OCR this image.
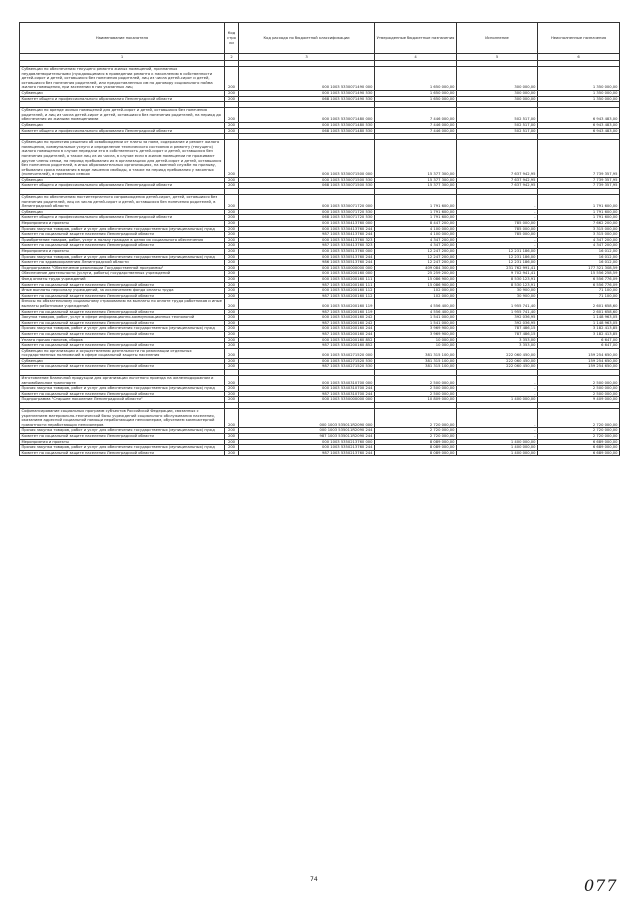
Наименование показателя	Код стро ки	Код расхода по бюджетной классификации	Утвержденные бюджетные назначения	Исполнение	Неисполненные назначения
1	2	3	4	5	6

Субвенции по обеспечению текущего ремонта жилых помещений, признанных неудовлетворительными (нуждающимися в проведении ремонта к накоплению в собственности детей-сирот и детей, оставшихся без попечения родителей, лиц из числа детей-сирот и детей, оставшихся без попечения родителей, или предоставленных им по договору социального найма жилого помещения, при заселении в них указанных лиц	200	000 1003 5330071490 000	1 650 000,00	300 000,00	1 350 000,00
Субвенции	200	000 1003 5330071490 530	1 650 000,00	300 000,00	1 350 000,00
Комитет общего и профессионального образования Ленинградской области	200	068 1003 5330071490 530	1 650 000,00	300 000,00	1 350 000,00

Субвенции по аренде жилых помещений для детей-сирот и детей, оставшихся без попечения родителей, и лиц из числа детей-сирот и детей, оставшихся без попечения родителей, на период до обеспечения их жилыми помещениями	200	000 1003 5330071480 000	7 446 000,00	502 517,00	6 943 483,00
Субвенции	200	000 1003 5330071480 530	7 446 000,00	502 517,00	6 943 483,00
Комитет общего и профессионального образования Ленинградской области	200	068 1003 5330071480 530	7 446 000,00	502 517,00	6 943 483,00

Субвенции по принятию решения об освобождении от платы за наем, содержание и ремонт жилого помещения, коммунальные услуги и определение технического состояния и ремонту (текущего) жилого помещения в случае передачи его в собственность детей-сирот и детей, оставшихся без попечения родителей, а также лиц из их числа, в случае если в жилом помещении не проживают другие члены семьи, на период пребывания их в организациях для детей-сирот и детей, оставшихся без попечения родителей, в иных образовательных организациях, на военной службе по призыву, отбывания срока наказания в виде лишения свободы, а также на период пребывания у законных (попечителей), в приемных семьях	200	000 1003 5330071500 000	15 377 300,00	7 637 942,95	7 739 357,95
Субвенции	200	000 1003 5330071500 530	15 377 300,00	7 637 942,95	7 739 357,95
Комитет общего и профессионального образования Ленинградской области	200	068 1003 5330071500 530	15 377 300,00	7 637 942,95	7 739 357,95

Субвенции по обеспечению постинтернатного сопровождения детей-сирот, детей, оставшихся без попечения родителей, лиц из числа детей-сирот и детей, оставшихся без попечения родителей, в Ленинградской области	200	000 1003 5330071720 000	1 791 600,00	-	1 791 600,00
Субвенции	200	000 1003 5330071720 530	1 791 600,00	-	1 791 600,00
Комитет общего и профессионального образования Ленинградской области	200	068 1003 5330071720 530	1 791 600,00	-	1 791 600,00
Мероприятия и проекты	200	000 1003 5330413760 000	8 447 200,00	785 000,00	7 662 200,00
Прочая закупка товаров, работ и услуг для обеспечения государственных (муниципальных) нужд	200	000 1003 5330413760 244	4 100 000,00	785 000,00	3 315 000,00
Комитет по социальной защите населения Ленинградской области	200	987 1003 5330413760 244	4 100 000,00	785 000,00	3 315 000,00
Приобретение товаров, работ, услуг в пользу граждан в целях их социального обеспечения	200	000 1003 5330413760 323	4 347 200,00	-	4 347 200,00
Комитет по социальной защите населения Ленинградской области	200	987 1003 5330413760 323	4 347 200,00	-	4 347 200,00
Мероприятия и проекты	200	000 1003 5330513760 000	12 247 200,00	12 231 186,00	16 012,00
Прочая закупка товаров, работ и услуг для обеспечения государственных (муниципальных) нужд	200	000 1003 5330513760 244	12 247 200,00	12 231 186,00	16 012,00
Комитет по здравоохранению Ленинградской области	200	986 1003 5330513760 244	12 247 200,00	12 231 186,00	16 012,00
Подпрограмма "Обеспечение реализации Государственной программы"	200	000 1003 5340000000 000	409 084 300,00	231 762 991,41	177 321 308,59
Обеспечение деятельности (услуги, работы) государственных учреждений	200	000 1003 5340200160 000	25 259 200,00	9 702 941,41	15 556 258,59
Фонд оплаты труда учреждений	200	000 1003 5340200160 111	15 086 900,00	8 530 123,91	6 556 776,09
Комитет по социальной защите населения Ленинградской области	200	987 1003 5340200160 111	15 086 900,00	8 530 123,91	6 556 776,09
Иные выплаты персоналу учреждений, за исключением фонда оплаты труда	200	000 1003 5340200160 112	102 000,00	30 900,00	71 100,00
Комитет по социальной защите населения Ленинградской области	200	987 1003 5340200160 112	102 000,00	30 900,00	71 100,00
Взносы по обязательному социальному страхованию на выплаты по оплате труда работников и иные выплаты работникам учреждений	200	000 1003 5340200160 119	4 556 400,00	1 955 741,40	2 601 658,60
Комитет по социальной защите населения Ленинградской области	200	987 1003 5340200160 119	4 556 400,00	1 955 741,40	2 601 658,60
Закупка товаров, работ, услуг в сфере информационно-коммуникационных технологий	200	000 1003 5340200160 242	1 541 000,00	392 036,95	1 148 963,05
Комитет по социальной защите населения Ленинградской области	200	987 1003 5340200160 242	1 541 000,00	392 036,95	1 148 963,05
Прочая закупка товаров, работ и услуг для обеспечения государственных (муниципальных) нужд	200	000 1003 5340200160 244	3 969 900,00	787 486,15	3 182 413,85
Комитет по социальной защите населения Ленинградской области	200	987 1003 5340200160 244	3 969 900,00	787 486,15	3 182 413,85
Уплата прочих налогов, сборов	200	000 1003 5340200160 852	10 000,00	3 353,00	6 647,00
Комитет по социальной защите населения Ленинградской области	200	987 1003 5340200160 852	10 000,00	3 353,00	6 647,00
Субвенции по организации и осуществлению деятельности по реализации отдельных государственных полномочий в сфере социальной защиты населения	200	000 1003 5340271520 000	381 315 100,00	222 060 450,00	159 254 650,00
Субвенции	200	000 1003 5340271520 530	381 315 100,00	222 060 450,00	159 254 650,00
Комитет по социальной защите населения Ленинградской области	200	987 1003 5340271520 530	381 315 100,00	222 060 450,00	159 254 650,00

Изготовление бланочной продукции для организации льготного проезда на железнодорожном и автомобильном транспорте	200	000 1003 5340310700 000	2 500 000,00	-	2 500 000,00
Прочая закупка товаров, работ и услуг для обеспечения государственных (муниципальных) нужд	200	000 1003 5340310700 244	2 500 000,00	-	2 500 000,00
Комитет по социальной защите населения Ленинградской области	200	987 1003 5340310700 244	2 500 000,00	-	2 500 000,00
Подпрограмма "Старшее поколение Ленинградской области"	200	000 1003 5350000000 000	10 809 000,00	1 400 000,00	9 409 000,00

Софинансирование социальных программ субъектов Российской Федерации, связанных с укреплением материально-технической базы учреждений социального обслуживания населения, оказанием адресной социальной помощи неработающим пенсионерам, обучением компьютерной грамотности неработающих пенсионеров	200	000 1003 535011R2090 000	2 720 000,00	-	2 720 000,00
Прочая закупка товаров, работ и услуг для обеспечения государственных (муниципальных) нужд	200	000 1003 535011R2090 244	2 720 000,00	-	2 720 000,00
Комитет по социальной защите населения Ленинградской области	200	987 1003 535011R2090 244	2 720 000,00	-	2 720 000,00
Мероприятия и проекты	200	000 1003 5350213760 000	8 089 000,00	1 400 000,00	6 689 000,00
Прочая закупка товаров, работ и услуг для обеспечения государственных (муниципальных) нужд	200	000 1003 5350213760 244	8 089 000,00	1 400 000,00	6 689 000,00
Комитет по социальной защите населения Ленинградской области	200	987 1003 5350213760 244	8 089 000,00	1 400 000,00	6 689 000,00
74	077
